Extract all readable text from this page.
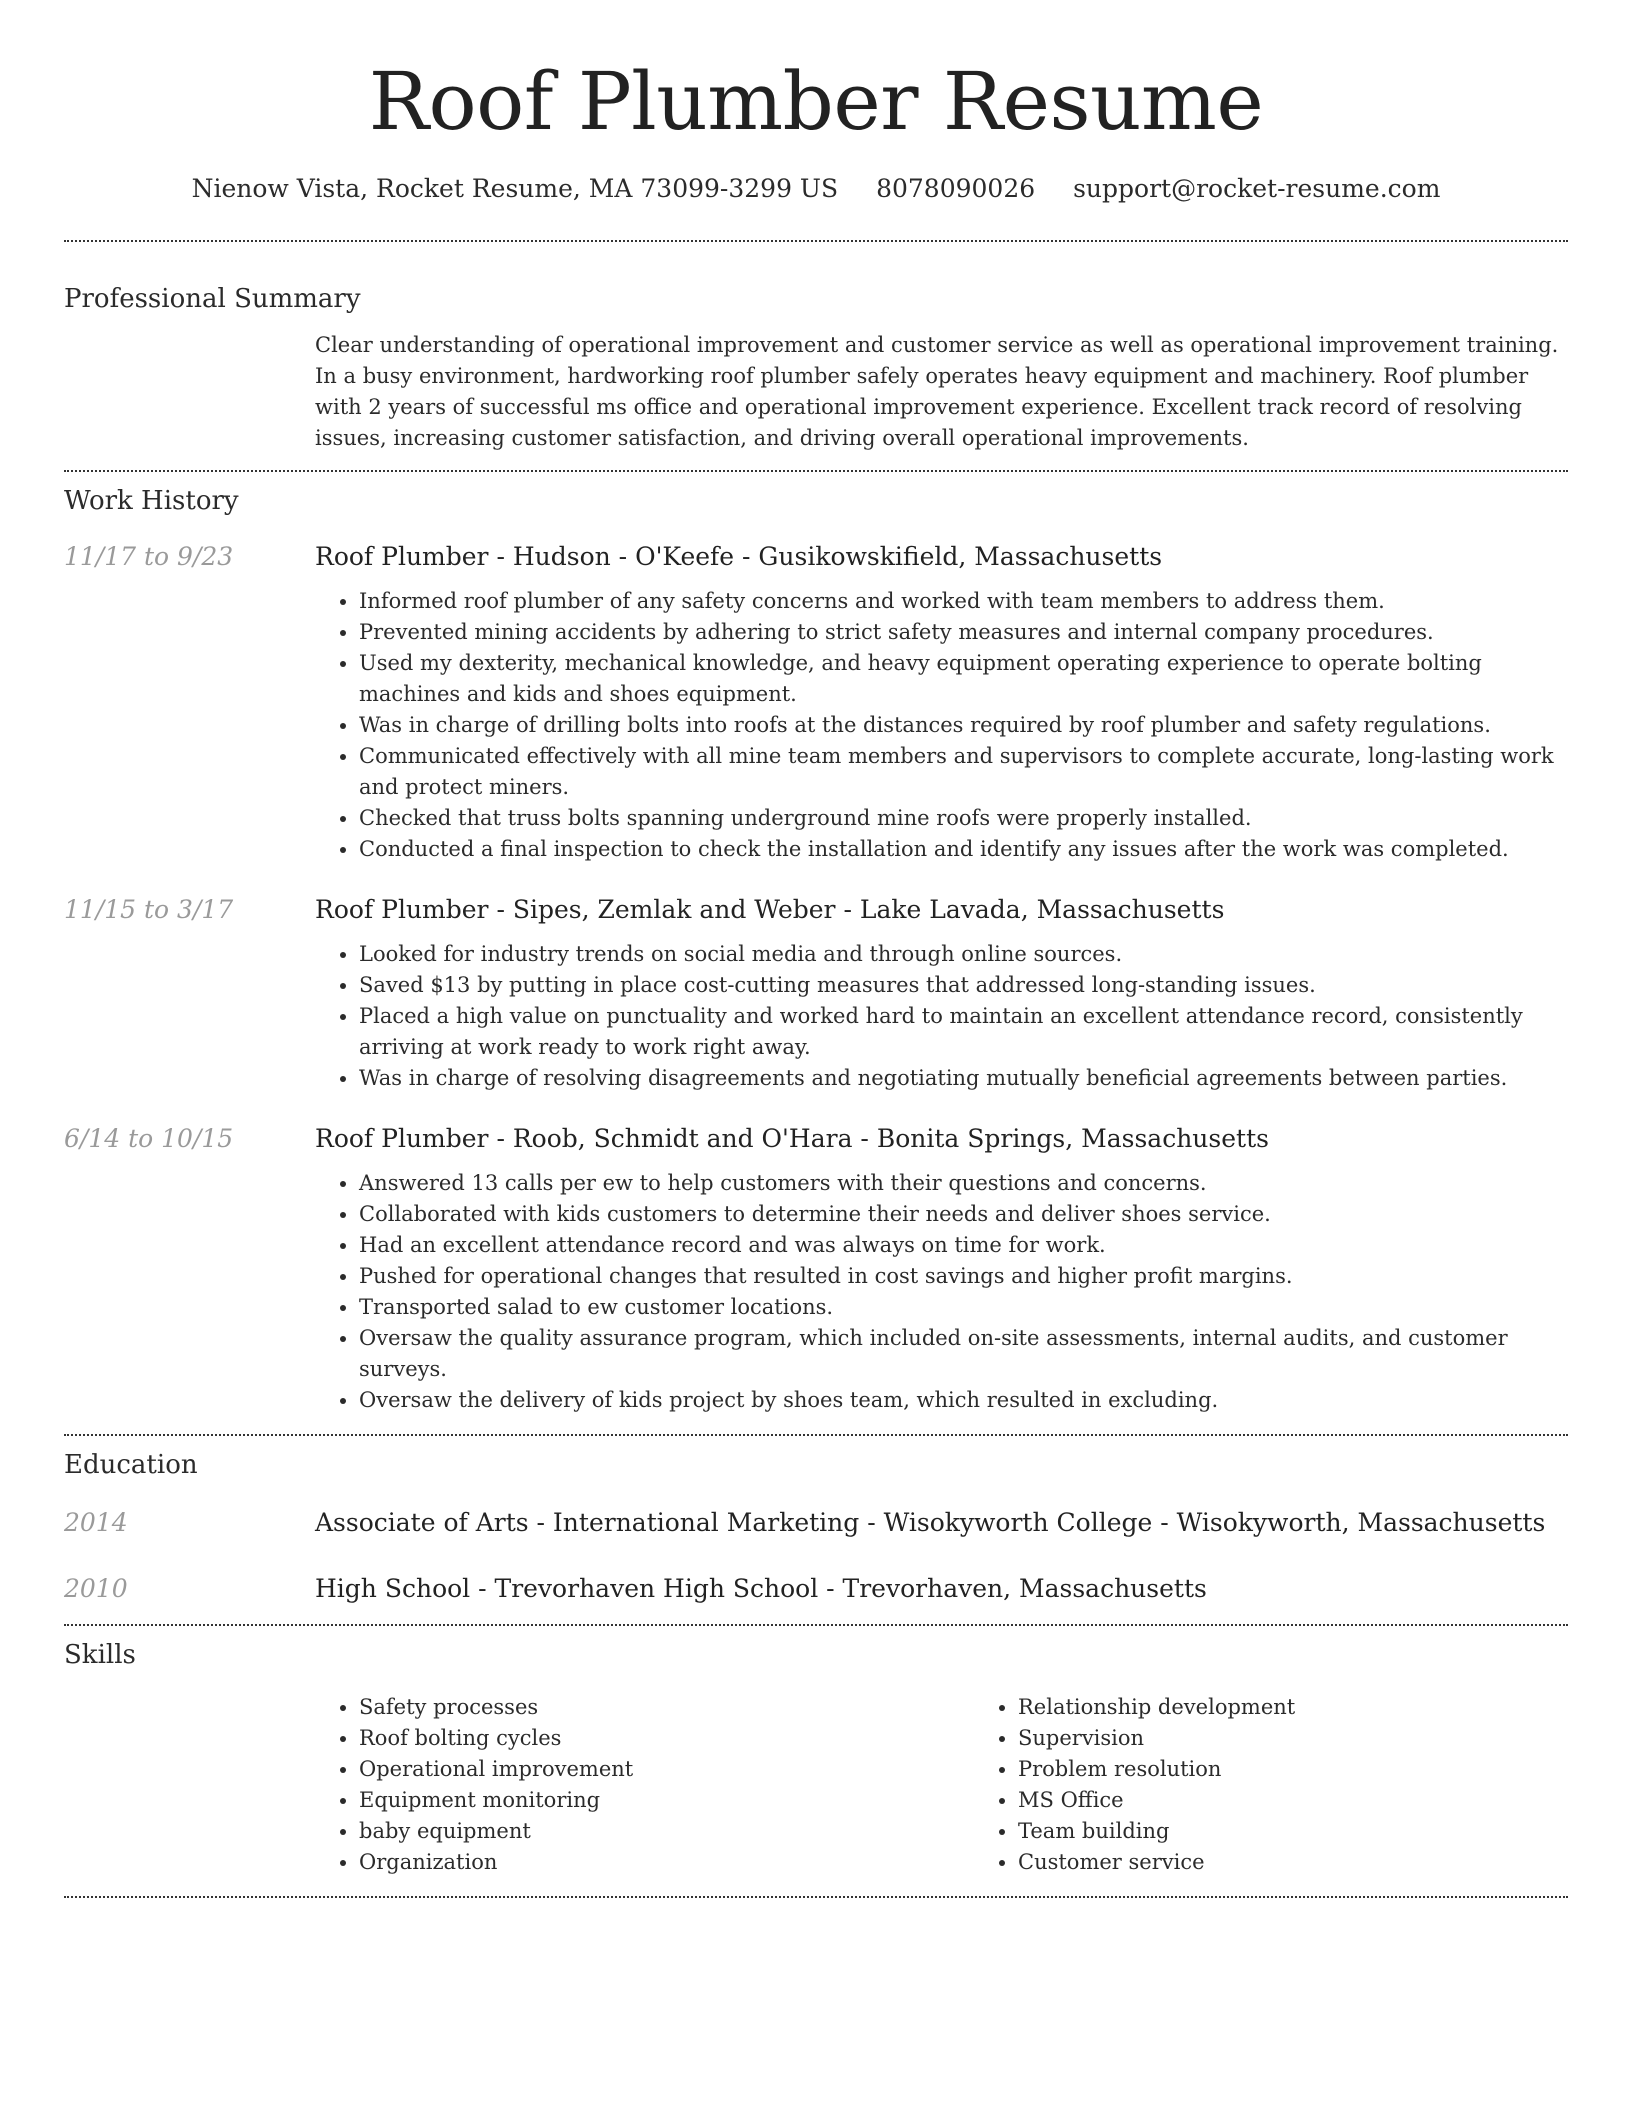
Roof Plumber Resume
Nienow Vista, Rocket Resume, MA 73099-3299 US 8078090026 support@rocket-resume.com
Professional Summary

Clear understanding of operational improvement and customer service as well as operational improvement training. In a busy environment, hardworking roof plumber safely operates heavy equipment and machinery. Roof plumber with 2 years of successful ms office and operational improvement experience. Excellent track record of resolving issues, increasing customer satisfaction, and driving overall operational improvements.

Work History
11/17 to 9/23	Roof Plumber - Hudson - O'Keefe - Gusikowskifield, Massachusetts
• Informed roof plumber of any safety concerns and worked with team members to address them.
• Prevented mining accidents by adhering to strict safety measures and internal company procedures.
• Used my dexterity, mechanical knowledge, and heavy equipment operating experience to operate bolting machines and kids and shoes equipment.
• Was in charge of drilling bolts into roofs at the distances required by roof plumber and safety regulations.
• Communicated effectively with all mine team members and supervisors to complete accurate, long-lasting work and protect miners.
• Checked that truss bolts spanning underground mine roofs were properly installed.
• Conducted a final inspection to check the installation and identify any issues after the work was completed.
11/15 to 3/17	Roof Plumber - Sipes, Zemlak and Weber - Lake Lavada, Massachusetts
• Looked for industry trends on social media and through online sources.
• Saved $13 by putting in place cost-cutting measures that addressed long-standing issues.
• Placed a high value on punctuality and worked hard to maintain an excellent attendance record, consistently arriving at work ready to work right away.
• Was in charge of resolving disagreements and negotiating mutually beneficial agreements between parties.
6/14 to 10/15	Roof Plumber - Roob, Schmidt and O'Hara - Bonita Springs, Massachusetts
• Answered 13 calls per ew to help customers with their questions and concerns.
• Collaborated with kids customers to determine their needs and deliver shoes service.
• Had an excellent attendance record and was always on time for work.
• Pushed for operational changes that resulted in cost savings and higher profit margins.
• Transported salad to ew customer locations.
• Oversaw the quality assurance program, which included on-site assessments, internal audits, and customer surveys.
• Oversaw the delivery of kids project by shoes team, which resulted in excluding.
Education
2014	Associate of Arts - International Marketing - Wisokyworth College - Wisokyworth, Massachusetts
2010	High School - Trevorhaven High School - Trevorhaven, Massachusetts
Skills
• Safety processes
• Roof bolting cycles
• Operational improvement
• Equipment monitoring
• baby equipment
• Organization
• Relationship development
• Supervision
• Problem resolution
• MS Office
• Team building
• Customer service
